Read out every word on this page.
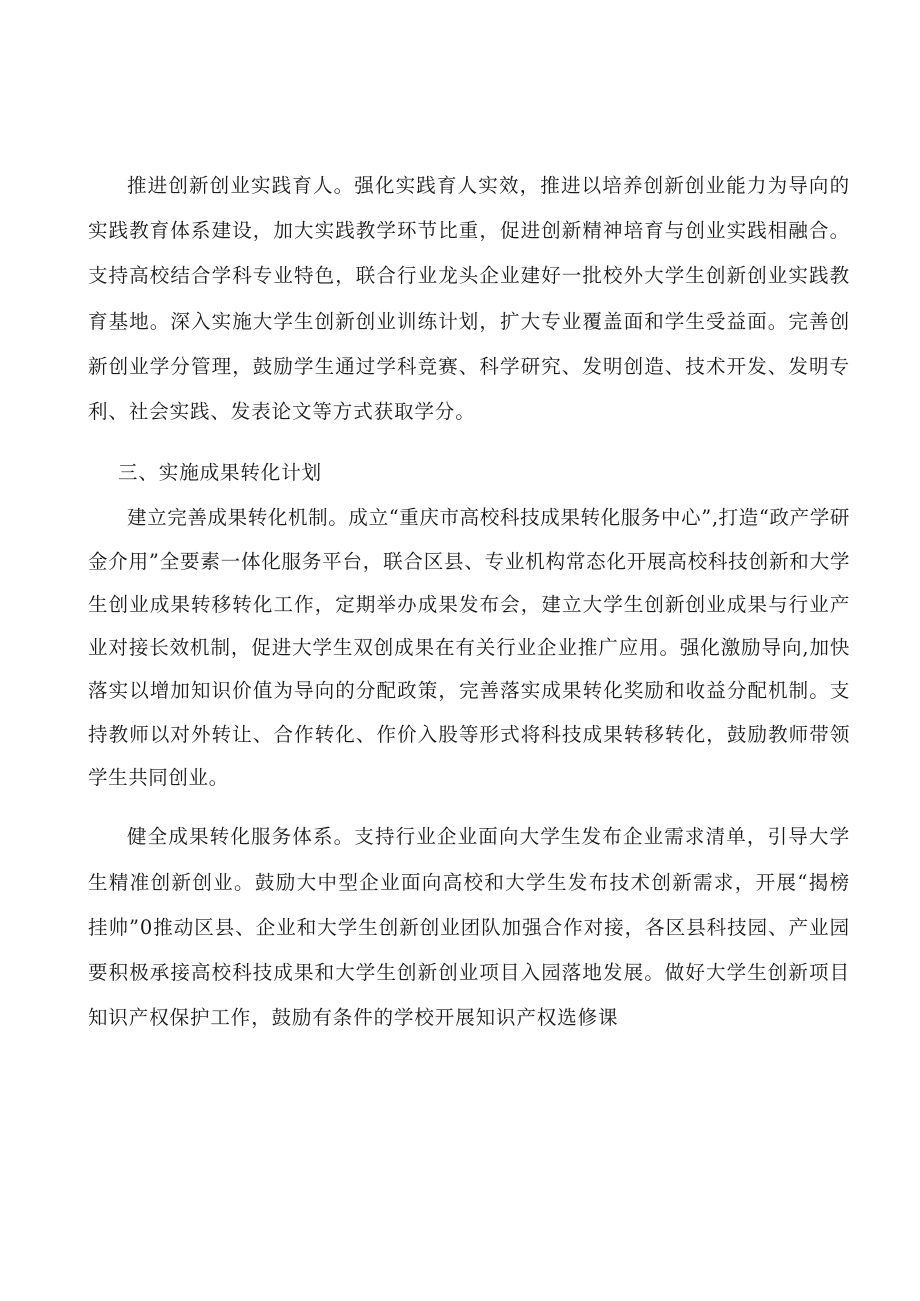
推进创新创业实践育人。强化实践育人实效，推进以培养创新创业能力为导向的实践教育体系建设，加大实践教学环节比重，促进创新精神培育与创业实践相融合。支持高校结合学科专业特色，联合行业龙头企业建好一批校外大学生创新创业实践教育基地。深入实施大学生创新创业训练计划，扩大专业覆盖面和学生受益面。完善创新创业学分管理，鼓励学生通过学科竞赛、科学研究、发明创造、技术开发、发明专利、社会实践、发表论文等方式获取学分。

三、实施成果转化计划

建立完善成果转化机制。成立“重庆市高校科技成果转化服务中心”,打造“政产学研金介用”全要素一体化服务平台，联合区县、专业机构常态化开展高校科技创新和大学生创业成果转移转化工作，定期举办成果发布会，建立大学生创新创业成果与行业产业对接长效机制，促进大学生双创成果在有关行业企业推广应用。强化激励导向,加快落实以增加知识价值为导向的分配政策，完善落实成果转化奖励和收益分配机制。支持教师以对外转让、合作转化、作价入股等形式将科技成果转移转化，鼓励教师带领学生共同创业。

健全成果转化服务体系。支持行业企业面向大学生发布企业需求清单，引导大学生精准创新创业。鼓励大中型企业面向高校和大学生发布技术创新需求，开展“揭榜挂帅”0推动区县、企业和大学生创新创业团队加强合作对接，各区县科技园、产业园要积极承接高校科技成果和大学生创新创业项目入园落地发展。做好大学生创新项目知识产权保护工作，鼓励有条件的学校开展知识产权选修课
